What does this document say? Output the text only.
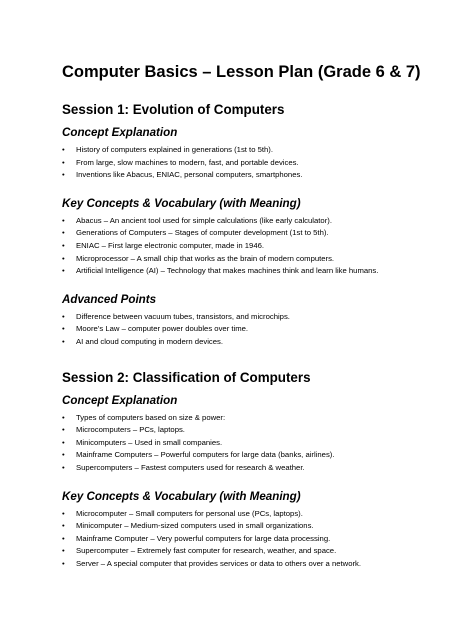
Computer Basics – Lesson Plan (Grade 6 & 7)
Session 1: Evolution of Computers
Concept Explanation
• History of computers explained in generations (1st to 5th).
• From large, slow machines to modern, fast, and portable devices.
• Inventions like Abacus, ENIAC, personal computers, smartphones.
Key Concepts & Vocabulary (with Meaning)
• Abacus – An ancient tool used for simple calculations (like early calculator).
• Generations of Computers – Stages of computer development (1st to 5th).
• ENIAC – First large electronic computer, made in 1946.
• Microprocessor – A small chip that works as the brain of modern computers.
• Artificial Intelligence (AI) – Technology that makes machines think and learn like humans.
Advanced Points
• Difference between vacuum tubes, transistors, and microchips.
• Moore’s Law – computer power doubles over time.
• AI and cloud computing in modern devices.
Session 2: Classification of Computers
Concept Explanation
• Types of computers based on size & power:
• Microcomputers – PCs, laptops.
• Minicomputers – Used in small companies.
• Mainframe Computers – Powerful computers for large data (banks, airlines).
• Supercomputers – Fastest computers used for research & weather.
Key Concepts & Vocabulary (with Meaning)
• Microcomputer – Small computers for personal use (PCs, laptops).
• Minicomputer – Medium-sized computers used in small organizations.
• Mainframe Computer – Very powerful computers for large data processing.
• Supercomputer – Extremely fast computer for research, weather, and space.
• Server – A special computer that provides services or data to others over a network.
